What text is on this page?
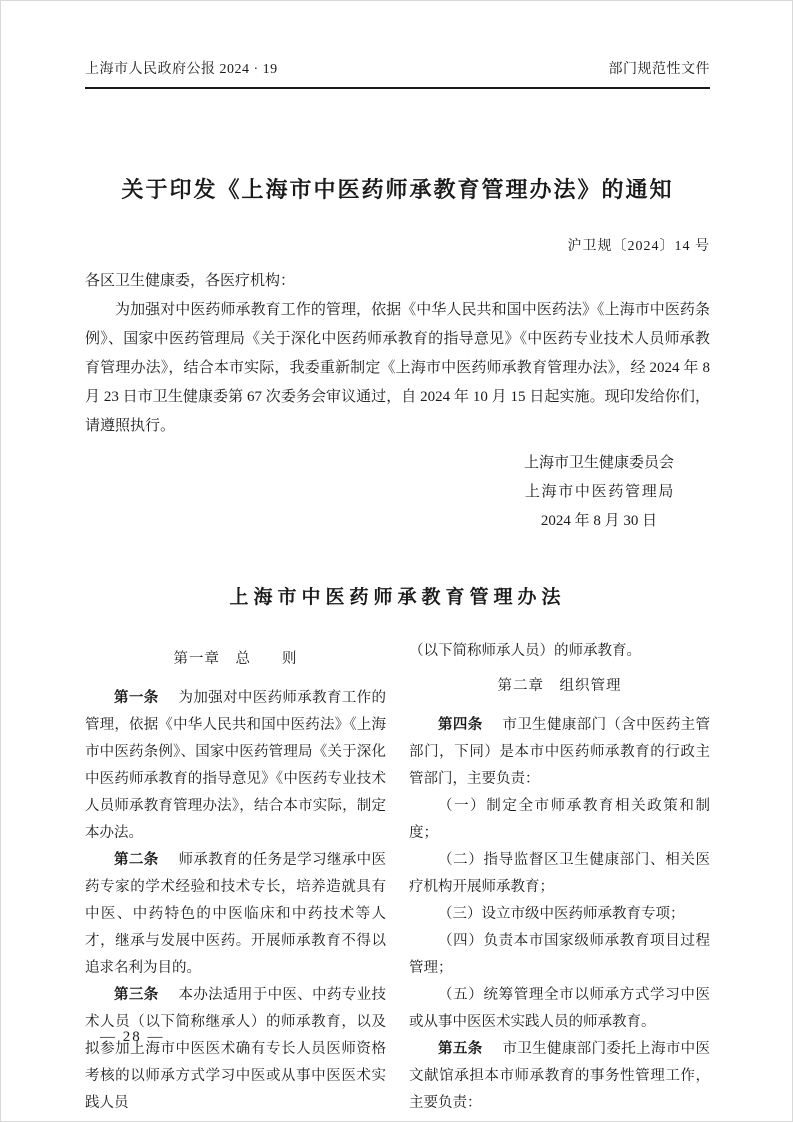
上海市人民政府公报 2024 · 19	部门规范性文件
关于印发《上海市中医药师承教育管理办法》的通知
沪卫规〔2024〕14 号

各区卫生健康委，各医疗机构：

为加强对中医药师承教育工作的管理，依据《中华人民共和国中医药法》《上海市中医药条例》、国家中医药管理局《关于深化中医药师承教育的指导意见》《中医药专业技术人员师承教育管理办法》，结合本市实际，我委重新制定《上海市中医药师承教育管理办法》，经 2024 年 8 月 23 日市卫生健康委第 67 次委务会审议通过，自 2024 年 10 月 15 日起实施。现印发给你们，请遵照执行。

上海市卫生健康委员会
上海市中医药管理局
2024 年 8 月 30 日
上海市中医药师承教育管理办法

第一章　总　　则

第一条　为加强对中医药师承教育工作的管理，依据《中华人民共和国中医药法》《上海市中医药条例》、国家中医药管理局《关于深化中医药师承教育的指导意见》《中医药专业技术人员师承教育管理办法》，结合本市实际，制定本办法。

第二条　师承教育的任务是学习继承中医药专家的学术经验和技术专长，培养造就具有中医、中药特色的中医临床和中药技术等人才，继承与发展中医药。开展师承教育不得以追求名利为目的。

第三条　本办法适用于中医、中药专业技术人员（以下简称继承人）的师承教育，以及拟参加上海市中医医术确有专长人员医师资格考核的以师承方式学习中医或从事中医医术实践人员

（以下简称师承人员）的师承教育。

第二章　组织管理

第四条　市卫生健康部门（含中医药主管部门，下同）是本市中医药师承教育的行政主管部门，主要负责：

（一）制定全市师承教育相关政策和制度；

（二）指导监督区卫生健康部门、相关医疗机构开展师承教育；

（三）设立市级中医药师承教育专项；

（四）负责本市国家级师承教育项目过程管理；

（五）统筹管理全市以师承方式学习中医或从事中医医术实践人员的师承教育。

第五条　市卫生健康部门委托上海市中医文献馆承担本市师承教育的事务性管理工作，主要负责：

— 28 —
